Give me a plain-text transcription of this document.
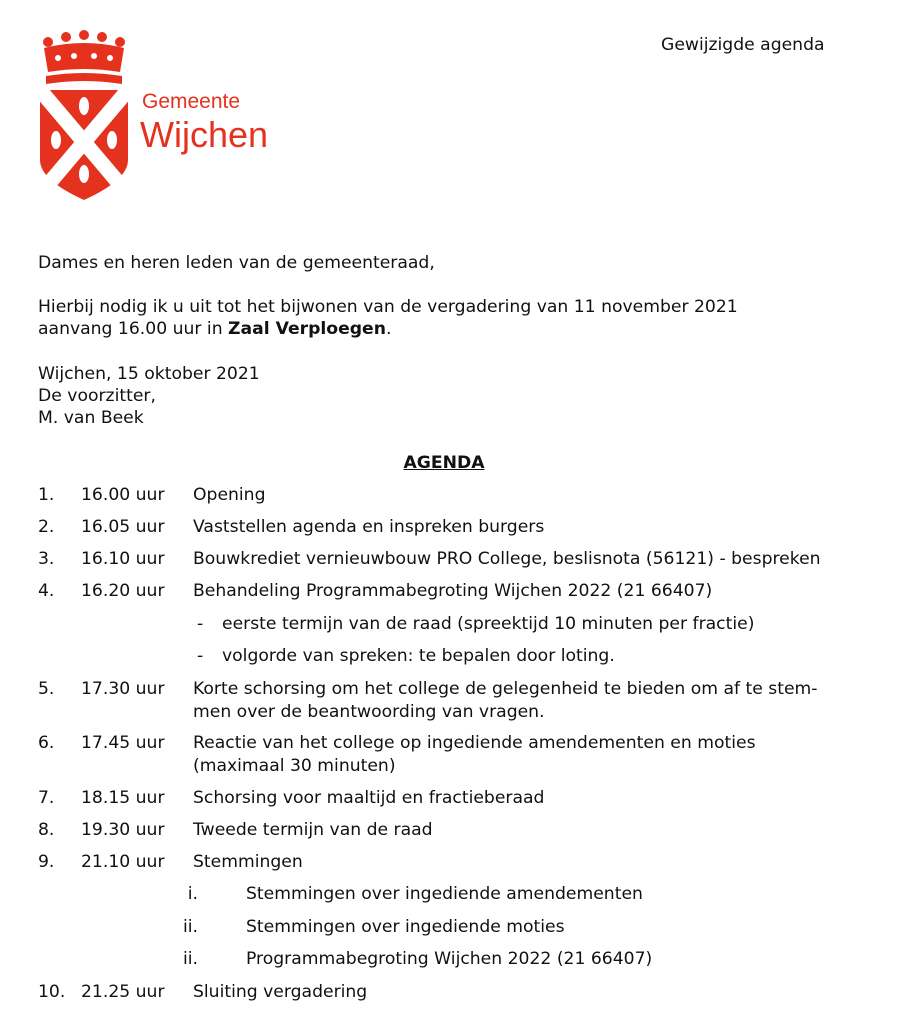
Gemeente
Wijchen
Gewijzigde agenda
Dames en heren leden van de gemeenteraad,
Hierbij nodig ik u uit tot het bijwonen van de vergadering van 11 november 2021
aanvang 16.00 uur in Zaal Verploegen.
Wijchen, 15 oktober 2021
De voorzitter,
M. van Beek
AGENDA
1. 16.00 uur Opening
2. 16.05 uur Vaststellen agenda en inspreken burgers
3. 16.10 uur Bouwkrediet vernieuwbouw PRO College, beslisnota (56121) - bespreken
4. 16.20 uur Behandeling Programmabegroting Wijchen 2022 (21 66407)
- eerste termijn van de raad (spreektijd 10 minuten per fractie)
- volgorde van spreken: te bepalen door loting.
5. 17.30 uur Korte schorsing om het college de gelegenheid te bieden om af te stem-
men over de beantwoording van vragen.
6. 17.45 uur Reactie van het college op ingediende amendementen en moties
(maximaal 30 minuten)
7. 18.15 uur Schorsing voor maaltijd en fractieberaad
8. 19.30 uur Tweede termijn van de raad
9. 21.10 uur Stemmingen
i.	Stemmingen over ingediende amendementen
ii.	Stemmingen over ingediende moties
ii.	Programmabegroting Wijchen 2022 (21 66407)
10. 21.25 uur Sluiting vergadering
